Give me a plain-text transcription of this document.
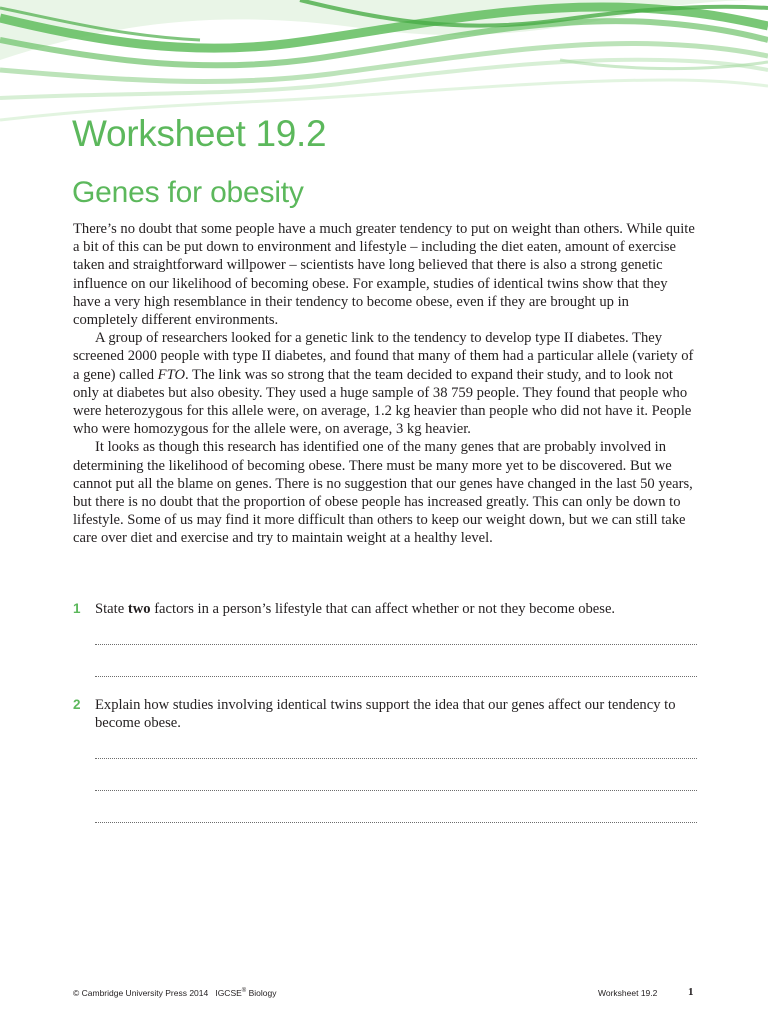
Worksheet 19.2
Genes for obesity

There’s no doubt that some people have a much greater tendency to put on weight than others. While quite a bit of this can be put down to environment and lifestyle – including the diet eaten, amount of exercise taken and straightforward willpower – scientists have long believed that there is also a strong genetic influence on our likelihood of becoming obese. For example, studies of identical twins show that they have a very high resemblance in their tendency to become obese, even if they are brought up in completely different environments.

A group of researchers looked for a genetic link to the tendency to develop type II diabetes. They screened 2000 people with type II diabetes, and found that many of them had a particular allele (variety of a gene) called FTO. The link was so strong that the team decided to expand their study, and to look not only at diabetes but also obesity. They used a huge sample of 38 759 people. They found that people who were heterozygous for this allele were, on average, 1.2 kg heavier than people who did not have it. People who were homozygous for the allele were, on average, 3 kg heavier.

It looks as though this research has identified one of the many genes that are probably involved in determining the likelihood of becoming obese. There must be many more yet to be discovered. But we cannot put all the blame on genes. There is no suggestion that our genes have changed in the last 50 years, but there is no doubt that the proportion of obese people has increased greatly. This can only be down to lifestyle. Some of us may find it more difficult than others to keep our weight down, but we can still take care over diet and exercise and try to maintain weight at a healthy level.

1 State two factors in a person’s lifestyle that can affect whether or not they become obese.
2 Explain how studies involving identical twins support the idea that our genes affect our tendency to become obese.
© Cambridge University Press 2014 IGCSE® Biology	Worksheet 19.2	1
